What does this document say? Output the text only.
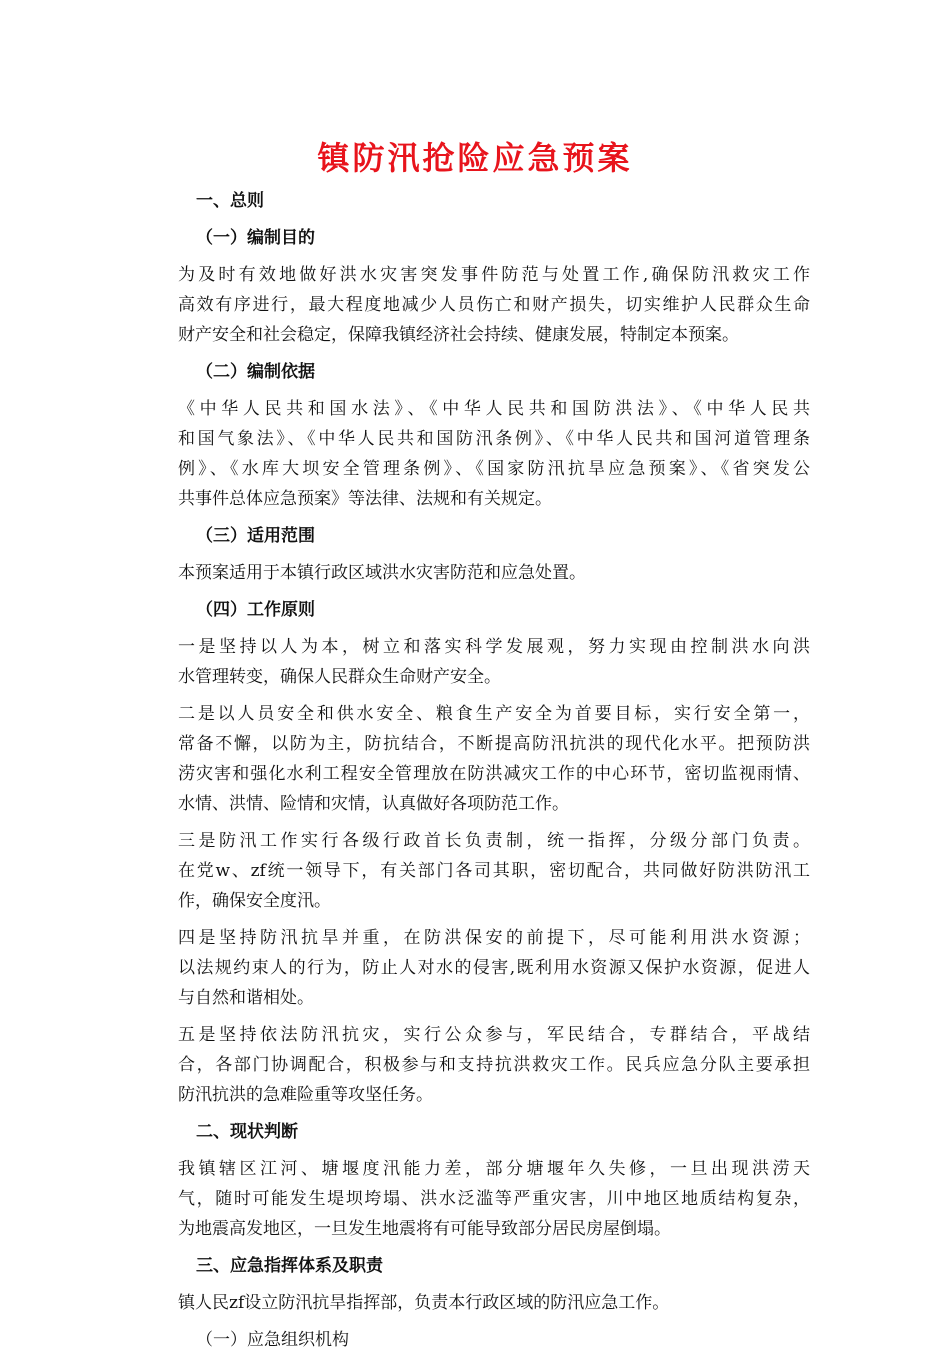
镇防汛抢险应急预案
一、总则
（一）编制目的
为及时有效地做好洪水灾害突发事件防范与处置工作,确保防汛救灾工作
高效有序进行，最大程度地减少人员伤亡和财产损失，切实维护人民群众生命
财产安全和社会稳定，保障我镇经济社会持续、健康发展，特制定本预案。
（二）编制依据
《中华人民共和国水法》、《中华人民共和国防洪法》、《中华人民共
和国气象法》、《中华人民共和国防汛条例》、《中华人民共和国河道管理条
例》、《水库大坝安全管理条例》、《国家防汛抗旱应急预案》、《省突发公
共事件总体应急预案》等法律、法规和有关规定。
（三）适用范围
本预案适用于本镇行政区域洪水灾害防范和应急处置。
（四）工作原则
一是坚持以人为本，树立和落实科学发展观，努力实现由控制洪水向洪
水管理转变，确保人民群众生命财产安全。
二是以人员安全和供水安全、粮食生产安全为首要目标，实行安全第一，
常备不懈，以防为主，防抗结合，不断提高防汛抗洪的现代化水平。把预防洪
涝灾害和强化水利工程安全管理放在防洪减灾工作的中心环节，密切监视雨情、
水情、洪情、险情和灾情，认真做好各项防范工作。
三是防汛工作实行各级行政首长负责制，统一指挥，分级分部门负责。
在党w、zf统一领导下，有关部门各司其职，密切配合，共同做好防洪防汛工
作，确保安全度汛。
四是坚持防汛抗旱并重，在防洪保安的前提下，尽可能利用洪水资源；
以法规约束人的行为，防止人对水的侵害,既利用水资源又保护水资源，促进人
与自然和谐相处。
五是坚持依法防汛抗灾，实行公众参与，军民结合，专群结合，平战结
合，各部门协调配合，积极参与和支持抗洪救灾工作。民兵应急分队主要承担
防汛抗洪的急难险重等攻坚任务。
二、现状判断
我镇辖区江河、塘堰度汛能力差，部分塘堰年久失修，一旦出现洪涝天
气，随时可能发生堤坝垮塌、洪水泛滥等严重灾害，川中地区地质结构复杂，
为地震高发地区，一旦发生地震将有可能导致部分居民房屋倒塌。
三、应急指挥体系及职责
镇人民zf设立防汛抗旱指挥部，负责本行政区域的防汛应急工作。
（一）应急组织机构
